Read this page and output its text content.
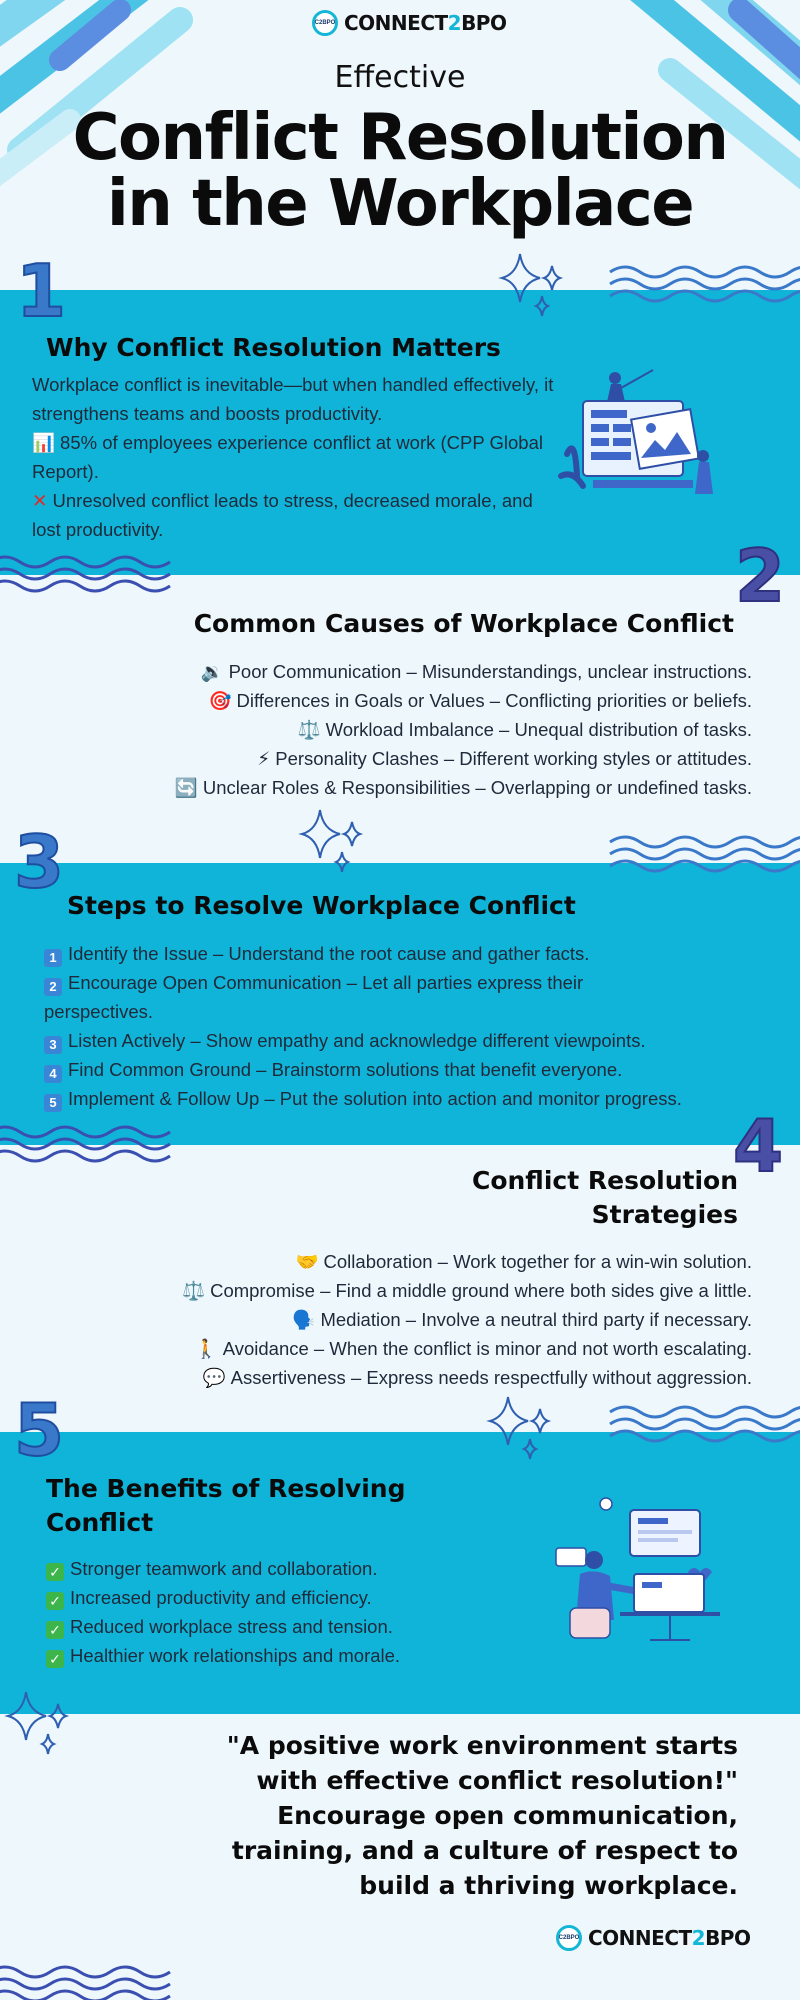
C2BPO CONNECT2BPO
Effective
Conflict Resolution
in the Workplace
1
Why Conflict Resolution Matters

Workplace conflict is inevitable—but when handled effectively, it strengthens teams and boosts productivity.

📊 85% of employees experience conflict at work (CPP Global Report).

✕ Unresolved conflict leads to stress, decreased morale, and lost productivity.

2
Common Causes of Workplace Conflict

🔉 Poor Communication – Misunderstandings, unclear instructions.

🎯 Differences in Goals or Values – Conflicting priorities or beliefs.

⚖️ Workload Imbalance – Unequal distribution of tasks.

⚡ Personality Clashes – Different working styles or attitudes.

🔄 Unclear Roles & Responsibilities – Overlapping or undefined tasks.

3
Steps to Resolve Workplace Conflict

1 Identify the Issue – Understand the root cause and gather facts.

2 Encourage Open Communication – Let all parties express their perspectives.

3 Listen Actively – Show empathy and acknowledge different viewpoints.

4 Find Common Ground – Brainstorm solutions that benefit everyone.

5 Implement & Follow Up – Put the solution into action and monitor progress.

4
Conflict Resolution
Strategies

🤝 Collaboration – Work together for a win-win solution.

⚖️ Compromise – Find a middle ground where both sides give a little.

🗣️ Mediation – Involve a neutral third party if necessary.

🚶 Avoidance – When the conflict is minor and not worth escalating.

💬 Assertiveness – Express needs respectfully without aggression.

5
The Benefits of Resolving
Conflict

✓ Stronger teamwork and collaboration.

✓ Increased productivity and efficiency.

✓ Reduced workplace stress and tension.

✓ Healthier work relationships and morale.

"A positive work environment starts

with effective conflict resolution!"

Encourage open communication,

training, and a culture of respect to

build a thriving workplace.

C2BPO CONNECT2BPO
